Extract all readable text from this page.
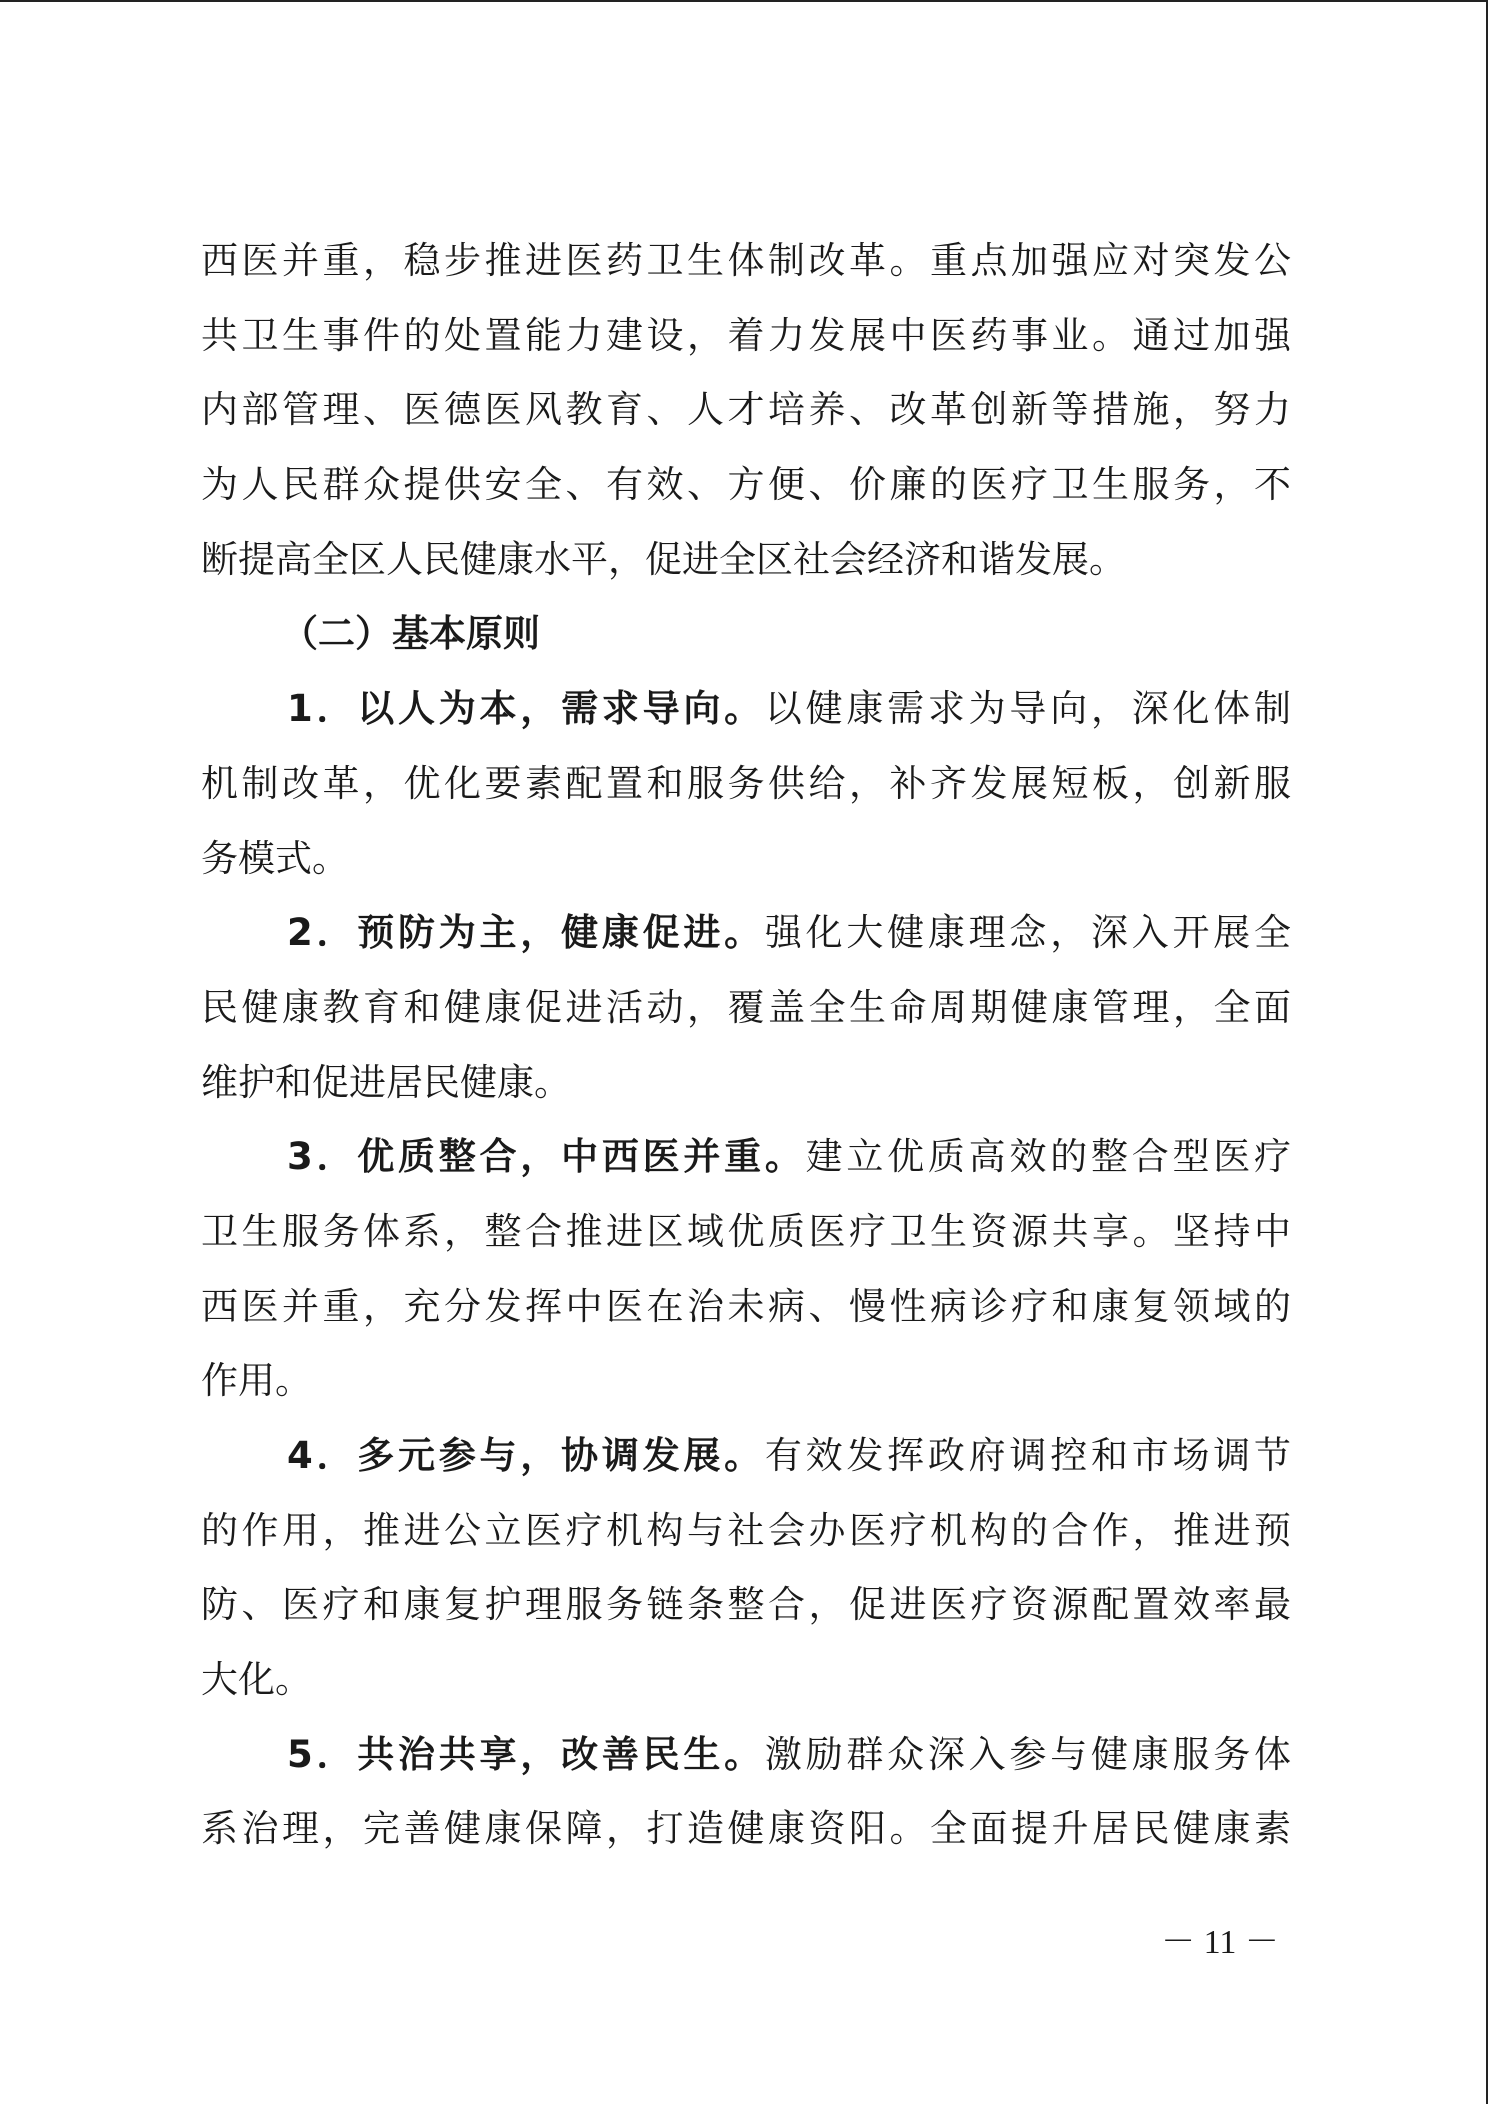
西医并重，稳步推进医药卫生体制改革。重点加强应对突发公
共卫生事件的处置能力建设，着力发展中医药事业。通过加强
内部管理、医德医风教育、人才培养、改革创新等措施，努力
为人民群众提供安全、有效、方便、价廉的医疗卫生服务，不
断提高全区人民健康水平，促进全区社会经济和谐发展。
（二）基本原则
1．以人为本，需求导向。以健康需求为导向，深化体制
机制改革，优化要素配置和服务供给，补齐发展短板，创新服
务模式。
2．预防为主，健康促进。强化大健康理念，深入开展全
民健康教育和健康促进活动，覆盖全生命周期健康管理，全面
维护和促进居民健康。
3．优质整合，中西医并重。建立优质高效的整合型医疗
卫生服务体系，整合推进区域优质医疗卫生资源共享。坚持中
西医并重，充分发挥中医在治未病、慢性病诊疗和康复领域的
作用。
4．多元参与，协调发展。有效发挥政府调控和市场调节
的作用，推进公立医疗机构与社会办医疗机构的合作，推进预
防、医疗和康复护理服务链条整合，促进医疗资源配置效率最
大化。
5．共治共享，改善民生。激励群众深入参与健康服务体
系治理，完善健康保障，打造健康资阳。全面提升居民健康素
－ 11 －
